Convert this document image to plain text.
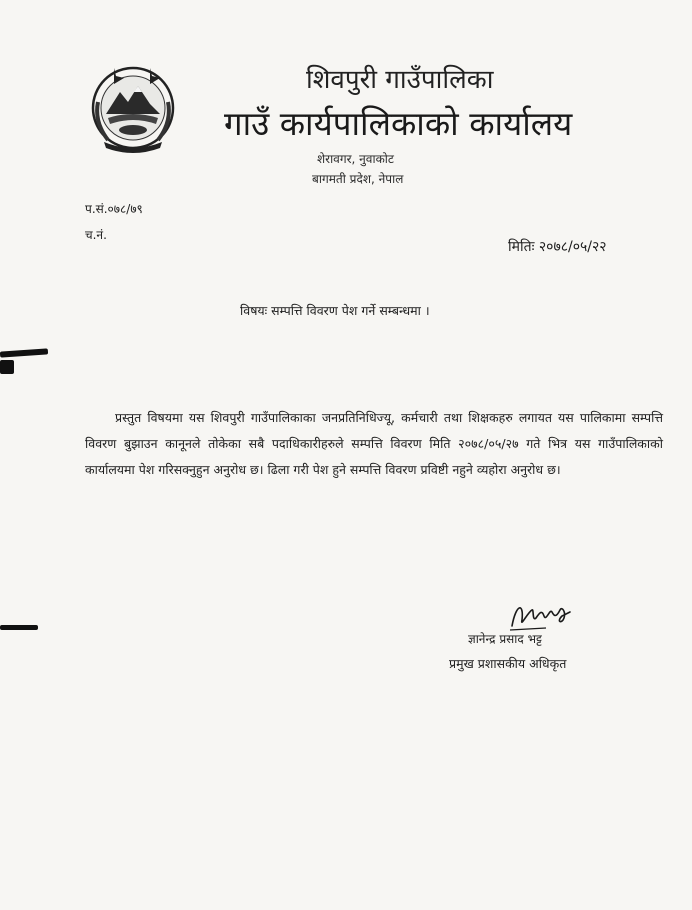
शिवपुरी गाउँपालिका
गाउँ कार्यपालिकाको कार्यालय
शेरावगर, नुवाकोट
बागमती प्रदेश, नेपाल
प.सं.०७८/७९
च.नं.
मितिः २०७८/०५/२२
विषयः सम्पत्ति विवरण पेश गर्ने सम्बन्धमा ।
प्रस्तुत विषयमा यस शिवपुरी गाउँपालिकाका जनप्रतिनिधिज्यू, कर्मचारी तथा शिक्षकहरु लगायत यस पालिकामा सम्पत्ति विवरण बुझाउन कानूनले तोकेका सबै पदाधिकारीहरुले सम्पत्ति विवरण मिति २०७८/०५/२७ गते भित्र यस गाउँपालिकाको कार्यालयमा पेश गरिसक्नुहुन अनुरोध छ। ढिला गरी पेश हुने सम्पत्ति विवरण प्रविष्टी नहुने व्यहोरा अनुरोध छ।
ज्ञानेन्द्र प्रसाद भट्ट
प्रमुख प्रशासकीय अधिकृत
